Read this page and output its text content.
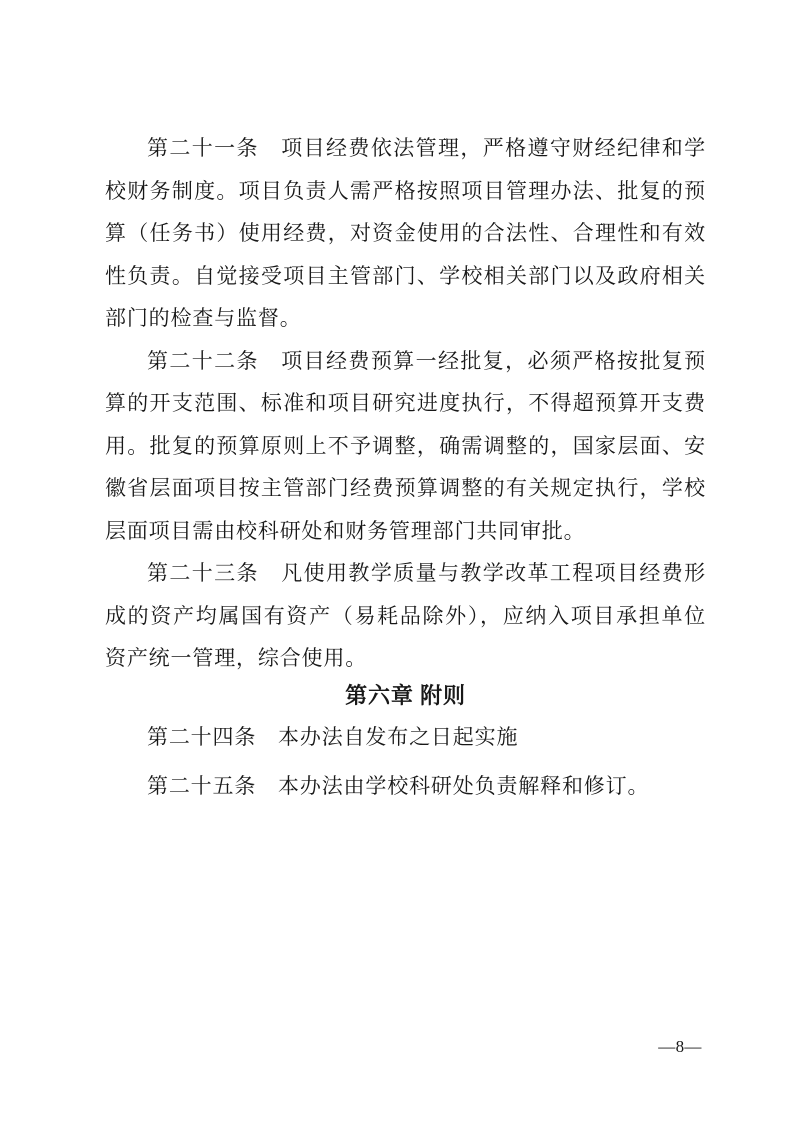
第二十一条　项目经费依法管理，严格遵守财经纪律和学校财务制度。项目负责人需严格按照项目管理办法、批复的预算（任务书）使用经费，对资金使用的合法性、合理性和有效性负责。自觉接受项目主管部门、学校相关部门以及政府相关部门的检查与监督。

第二十二条　项目经费预算一经批复，必须严格按批复预算的开支范围、标准和项目研究进度执行，不得超预算开支费用。批复的预算原则上不予调整，确需调整的，国家层面、安徽省层面项目按主管部门经费预算调整的有关规定执行，学校层面项目需由校科研处和财务管理部门共同审批。

第二十三条　凡使用教学质量与教学改革工程项目经费形成的资产均属国有资产（易耗品除外），应纳入项目承担单位资产统一管理，综合使用。

第六章 附则

第二十四条　本办法自发布之日起实施

第二十五条　本办法由学校科研处负责解释和修订。

—8—
